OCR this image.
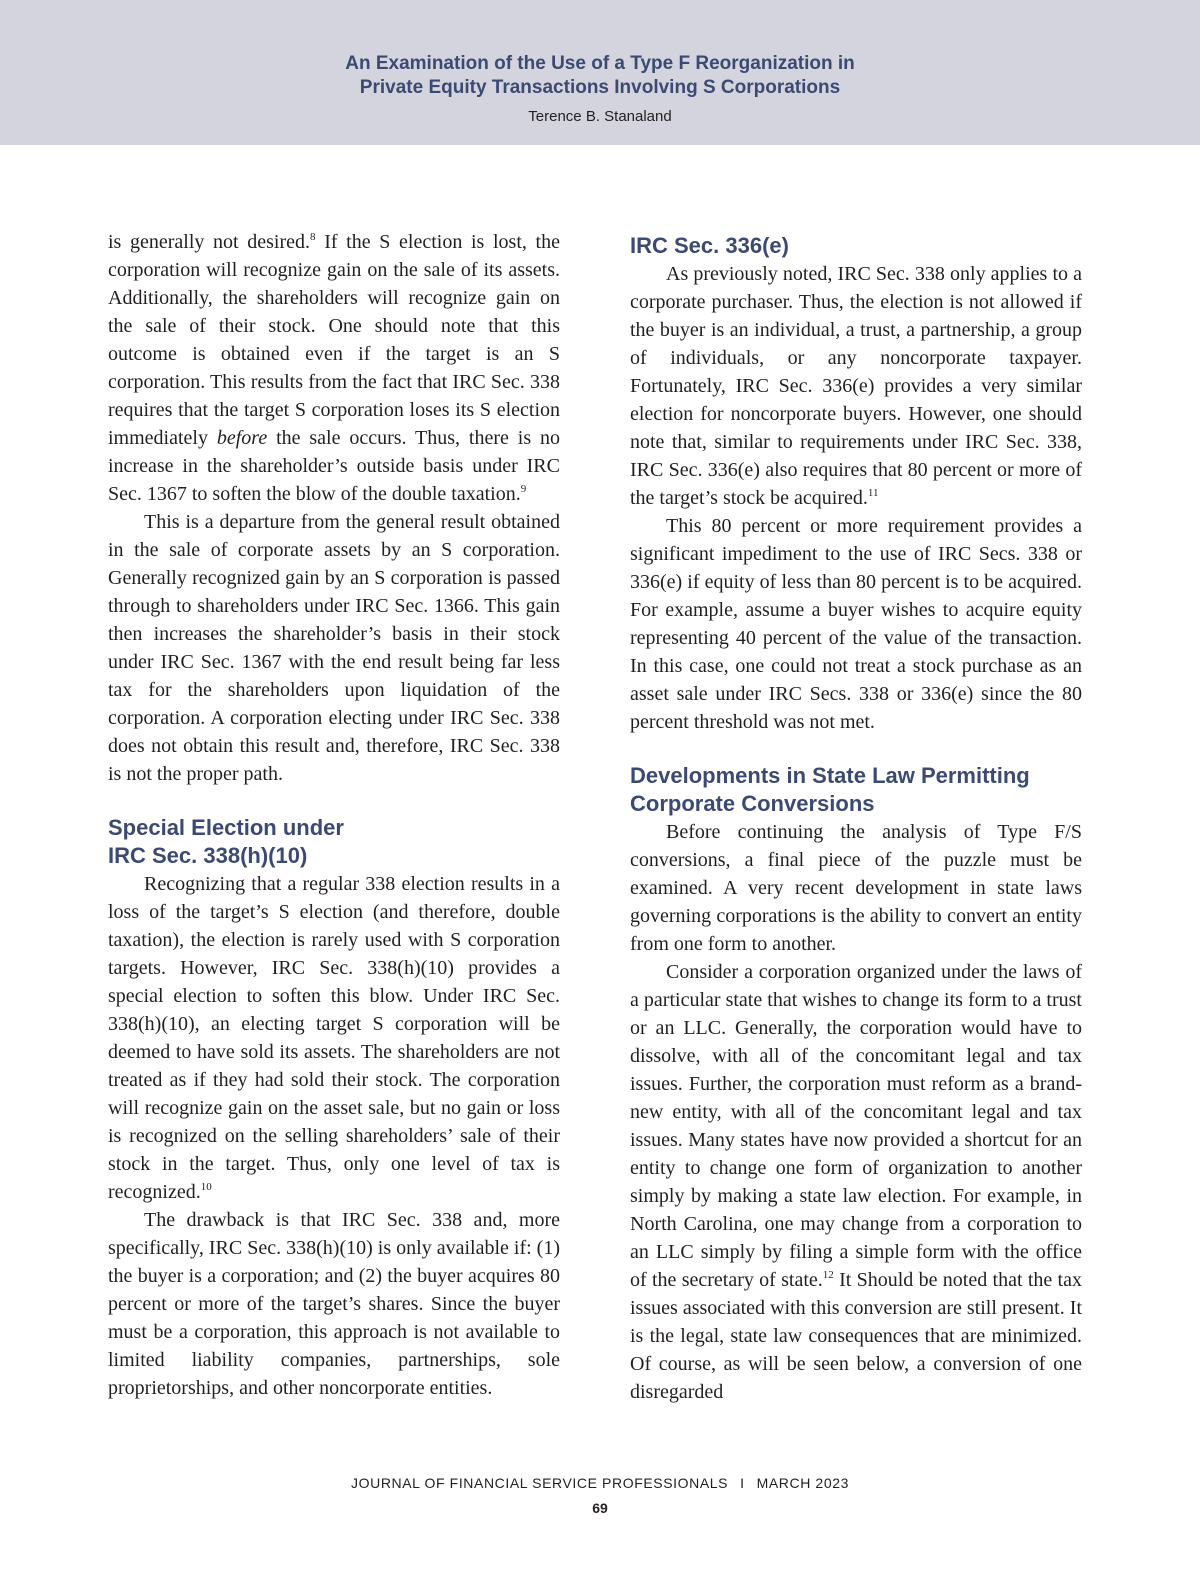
An Examination of the Use of a Type F Reorganization in
Private Equity Transactions Involving S Corporations
Terence B. Stanaland

is generally not desired.$^8$ If the S election is lost, the corporation will recognize gain on the sale of its assets. Additionally, the shareholders will recognize gain on the sale of their stock. One should note that this outcome is obtained even if the target is an S corporation. This results from the fact that IRC Sec. 338 requires that the target S corporation loses its S election immediately before the sale occurs. Thus, there is no increase in the shareholder’s outside basis under IRC Sec. 1367 to soften the blow of the double taxation.$^9$

This is a departure from the general result obtained in the sale of corporate assets by an S corporation. Generally recognized gain by an S corporation is passed through to shareholders under IRC Sec. 1366. This gain then increases the shareholder’s basis in their stock under IRC Sec. 1367 with the end result being far less tax for the shareholders upon liquidation of the corporation. A corporation electing under IRC Sec. 338 does not obtain this result and, therefore, IRC Sec. 338 is not the proper path.

Special Election under
IRC Sec. 338(h)(10)

Recognizing that a regular 338 election results in a loss of the target’s S election (and therefore, double taxation), the election is rarely used with S corporation targets. However, IRC Sec. 338(h)(10) provides a special election to soften this blow. Under IRC Sec. 338(h)(10), an electing target S corporation will be deemed to have sold its assets. The shareholders are not treated as if they had sold their stock. The corporation will recognize gain on the asset sale, but no gain or loss is recognized on the selling shareholders’ sale of their stock in the target. Thus, only one level of tax is recognized.$^{10}$

The drawback is that IRC Sec. 338 and, more specifically, IRC Sec. 338(h)(10) is only available if: (1) the buyer is a corporation; and (2) the buyer acquires 80 percent or more of the target’s shares. Since the buyer must be a corporation, this approach is not available to limited liability companies, partnerships, sole proprietorships, and other noncorporate entities.

IRC Sec. 336(e)

As previously noted, IRC Sec. 338 only applies to a corporate purchaser. Thus, the election is not allowed if the buyer is an individual, a trust, a partnership, a group of individuals, or any noncorporate taxpayer. Fortunately, IRC Sec. 336(e) provides a very similar election for noncorporate buyers. However, one should note that, similar to requirements under IRC Sec. 338, IRC Sec. 336(e) also requires that 80 percent or more of the target’s stock be acquired.$^{11}$

This 80 percent or more requirement provides a significant impediment to the use of IRC Secs. 338 or 336(e) if equity of less than 80 percent is to be acquired. For example, assume a buyer wishes to acquire equity representing 40 percent of the value of the transaction. In this case, one could not treat a stock purchase as an asset sale under IRC Secs. 338 or 336(e) since the 80 percent threshold was not met.

Developments in State Law Permitting
Corporate Conversions

Before continuing the analysis of Type F/S conversions, a final piece of the puzzle must be examined. A very recent development in state laws governing corporations is the ability to convert an entity from one form to another.

Consider a corporation organized under the laws of a particular state that wishes to change its form to a trust or an LLC. Generally, the corporation would have to dissolve, with all of the concomitant legal and tax issues. Further, the corporation must reform as a brand-new entity, with all of the concomitant legal and tax issues. Many states have now provided a shortcut for an entity to change one form of organization to another simply by making a state law election. For example, in North Carolina, one may change from a corporation to an LLC simply by filing a simple form with the office of the secretary of state.$^{12}$ It Should be noted that the tax issues associated with this conversion are still present. It is the legal, state law consequences that are minimized. Of course, as will be seen below, a conversion of one disregarded

JOURNAL OF FINANCIAL SERVICE PROFESSIONALS I MARCH 2023
69
